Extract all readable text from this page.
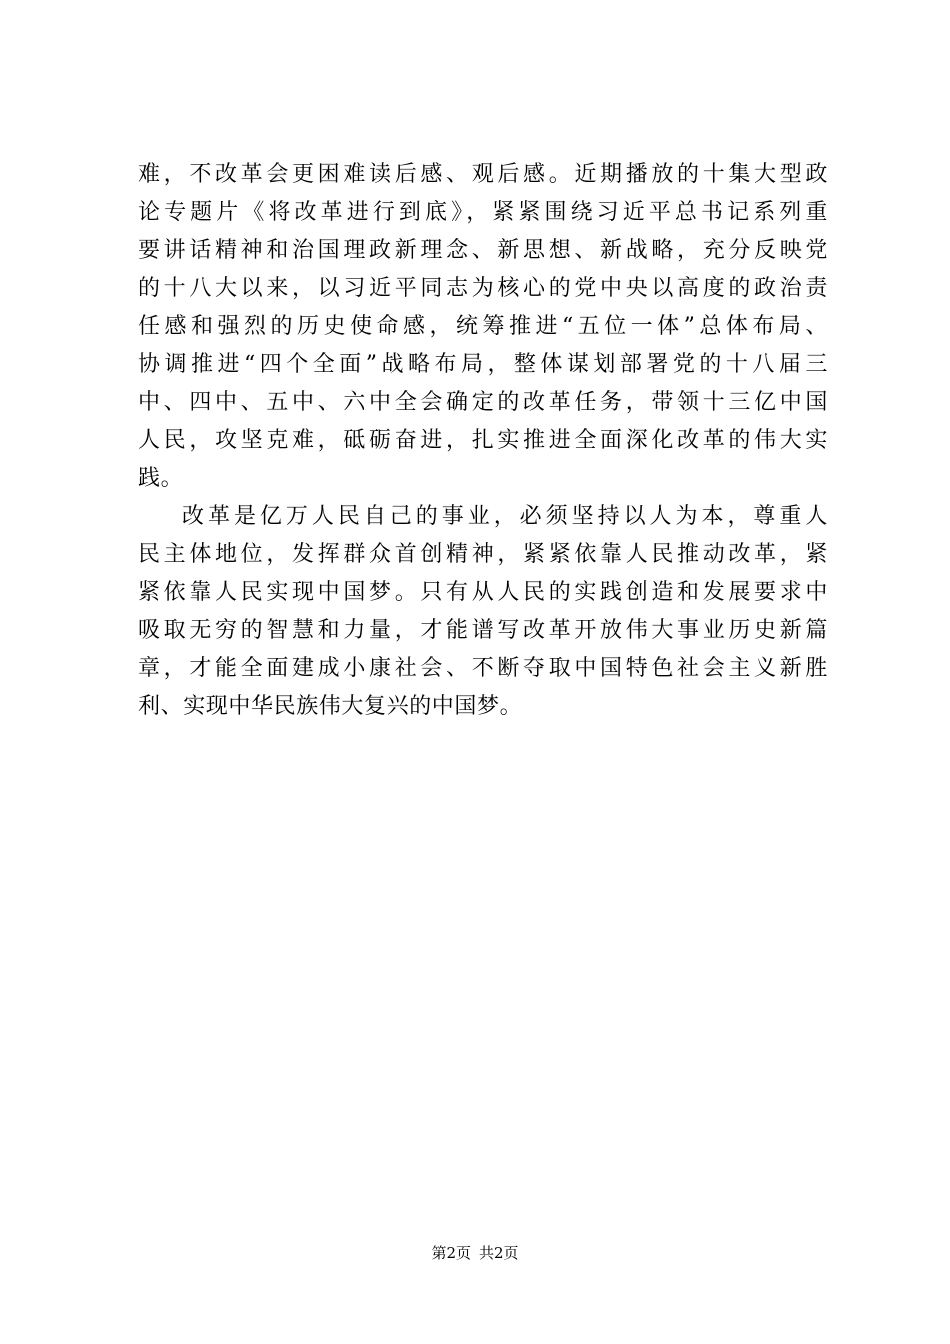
难，不改革会更困难读后感、观后感。近期播放的十集大型政
论专题片《将改革进行到底》，紧紧围绕习近平总书记系列重
要讲话精神和治国理政新理念、新思想、新战略，充分反映党
的十八大以来，以习近平同志为核心的党中央以高度的政治责
任感和强烈的历史使命感，统筹推进“五位一体”总体布局、
协调推进“四个全面”战略布局，整体谋划部署党的十八届三
中、四中、五中、六中全会确定的改革任务，带领十三亿中国
人民，攻坚克难，砥砺奋进，扎实推进全面深化改革的伟大实
践。
改革是亿万人民自己的事业，必须坚持以人为本，尊重人
民主体地位，发挥群众首创精神，紧紧依靠人民推动改革，紧
紧依靠人民实现中国梦。只有从人民的实践创造和发展要求中
吸取无穷的智慧和力量，才能谱写改革开放伟大事业历史新篇
章，才能全面建成小康社会、不断夺取中国特色社会主义新胜
利、实现中华民族伟大复兴的中国梦。
第2页 共2页
